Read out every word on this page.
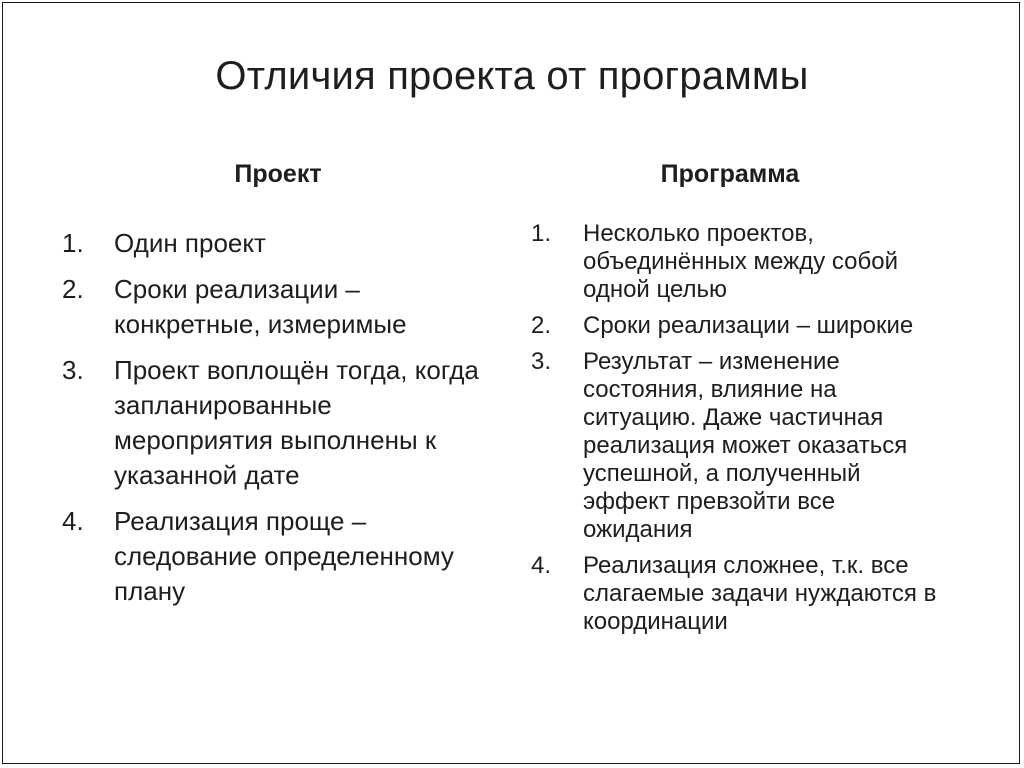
Отличия проекта от программы
Проект	Программа
1.	Один проект
2.	Сроки реализации – конкретные, измеримые
3.	Проект воплощён тогда, когда запланированные мероприятия выполнены к указанной дате
4.	Реализация проще – следование определенному плану
1.	Несколько проектов, объединённых между собой одной целью
2.	Сроки реализации – широкие
3.	Результат – изменение состояния, влияние на ситуацию. Даже частичная реализация может оказаться успешной, а полученный эффект превзойти все ожидания
4.	Реализация сложнее, т.к. все слагаемые задачи нуждаются в координации
